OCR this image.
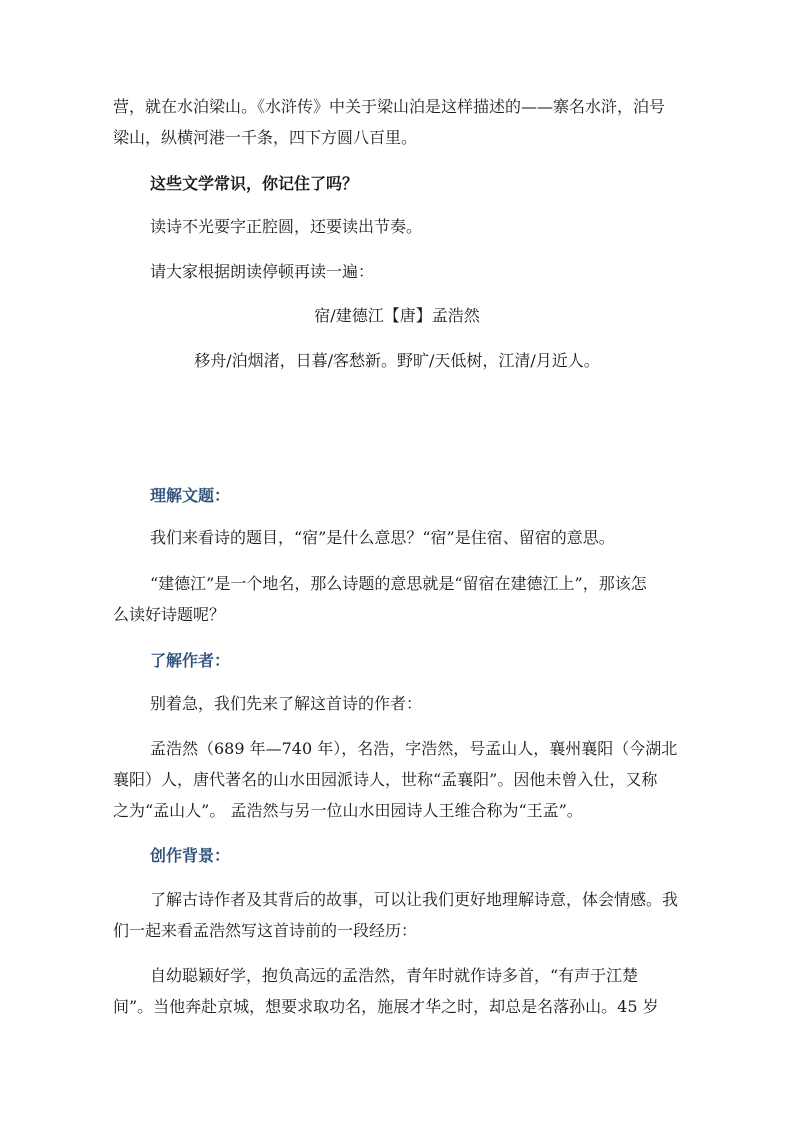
营，就在水泊梁山。《水浒传》中关于梁山泊是这样描述的——寨名水浒，泊号
梁山，纵横河港一千条，四下方圆八百里。
这些文学常识，你记住了吗？
读诗不光要字正腔圆，还要读出节奏。
请大家根据朗读停顿再读一遍：
宿/建德江【唐】孟浩然
移舟/泊烟渚，日暮/客愁新。野旷/天低树，江清/月近人。
理解文题：
我们来看诗的题目，“宿”是什么意思？“宿”是住宿、留宿的意思。
“建德江”是一个地名，那么诗题的意思就是“留宿在建德江上”，那该怎
么读好诗题呢？
了解作者：
别着急，我们先来了解这首诗的作者：
孟浩然（689 年—740 年），名浩，字浩然，号孟山人，襄州襄阳（今湖北
襄阳）人，唐代著名的山水田园派诗人，世称“孟襄阳”。因他未曾入仕，又称
之为“孟山人”。 孟浩然与另一位山水田园诗人王维合称为“王孟”。
创作背景：
了解古诗作者及其背后的故事，可以让我们更好地理解诗意，体会情感。我
们一起来看孟浩然写这首诗前的一段经历：
自幼聪颖好学，抱负高远的孟浩然，青年时就作诗多首，“有声于江楚
间”。当他奔赴京城，想要求取功名，施展才华之时，却总是名落孙山。45 岁
